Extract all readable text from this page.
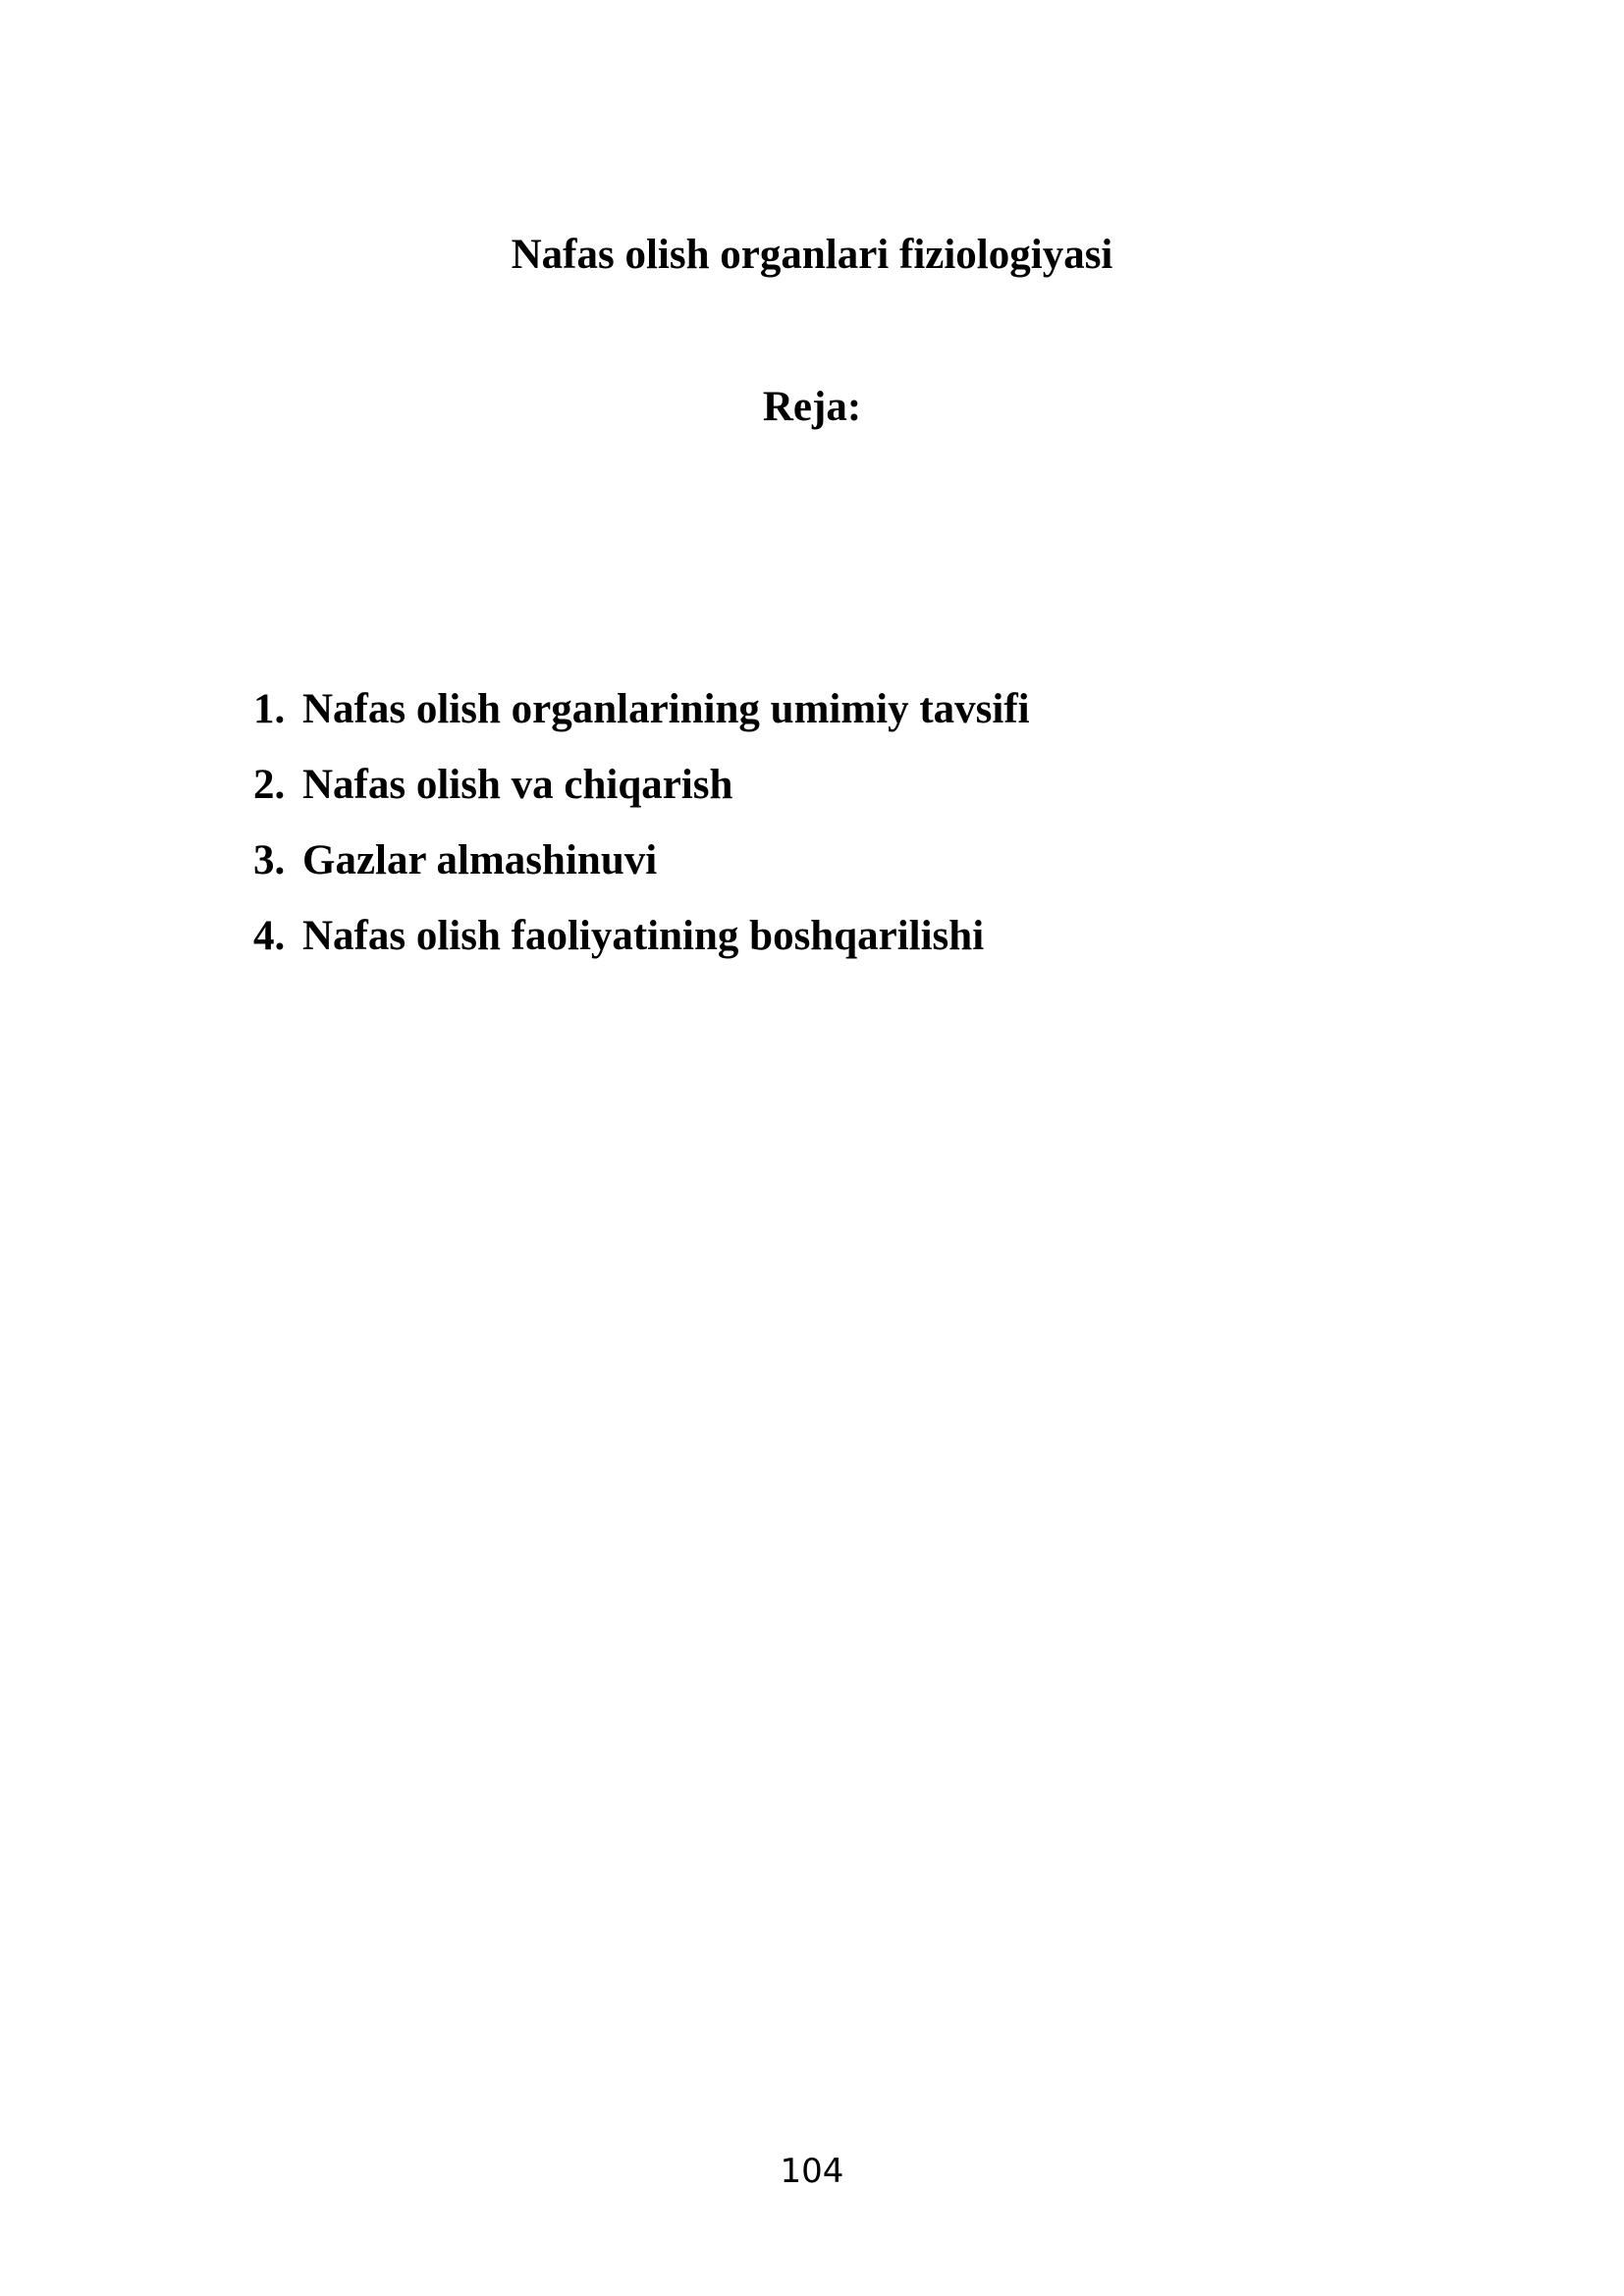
Nafas olish organlari fiziologiyasi
Reja:
1. Nafas olish organlarining umimiy tavsifi
2. Nafas olish va chiqarish
3. Gazlar almashinuvi
4. Nafas olish faoliyatining boshqarilishi
104
